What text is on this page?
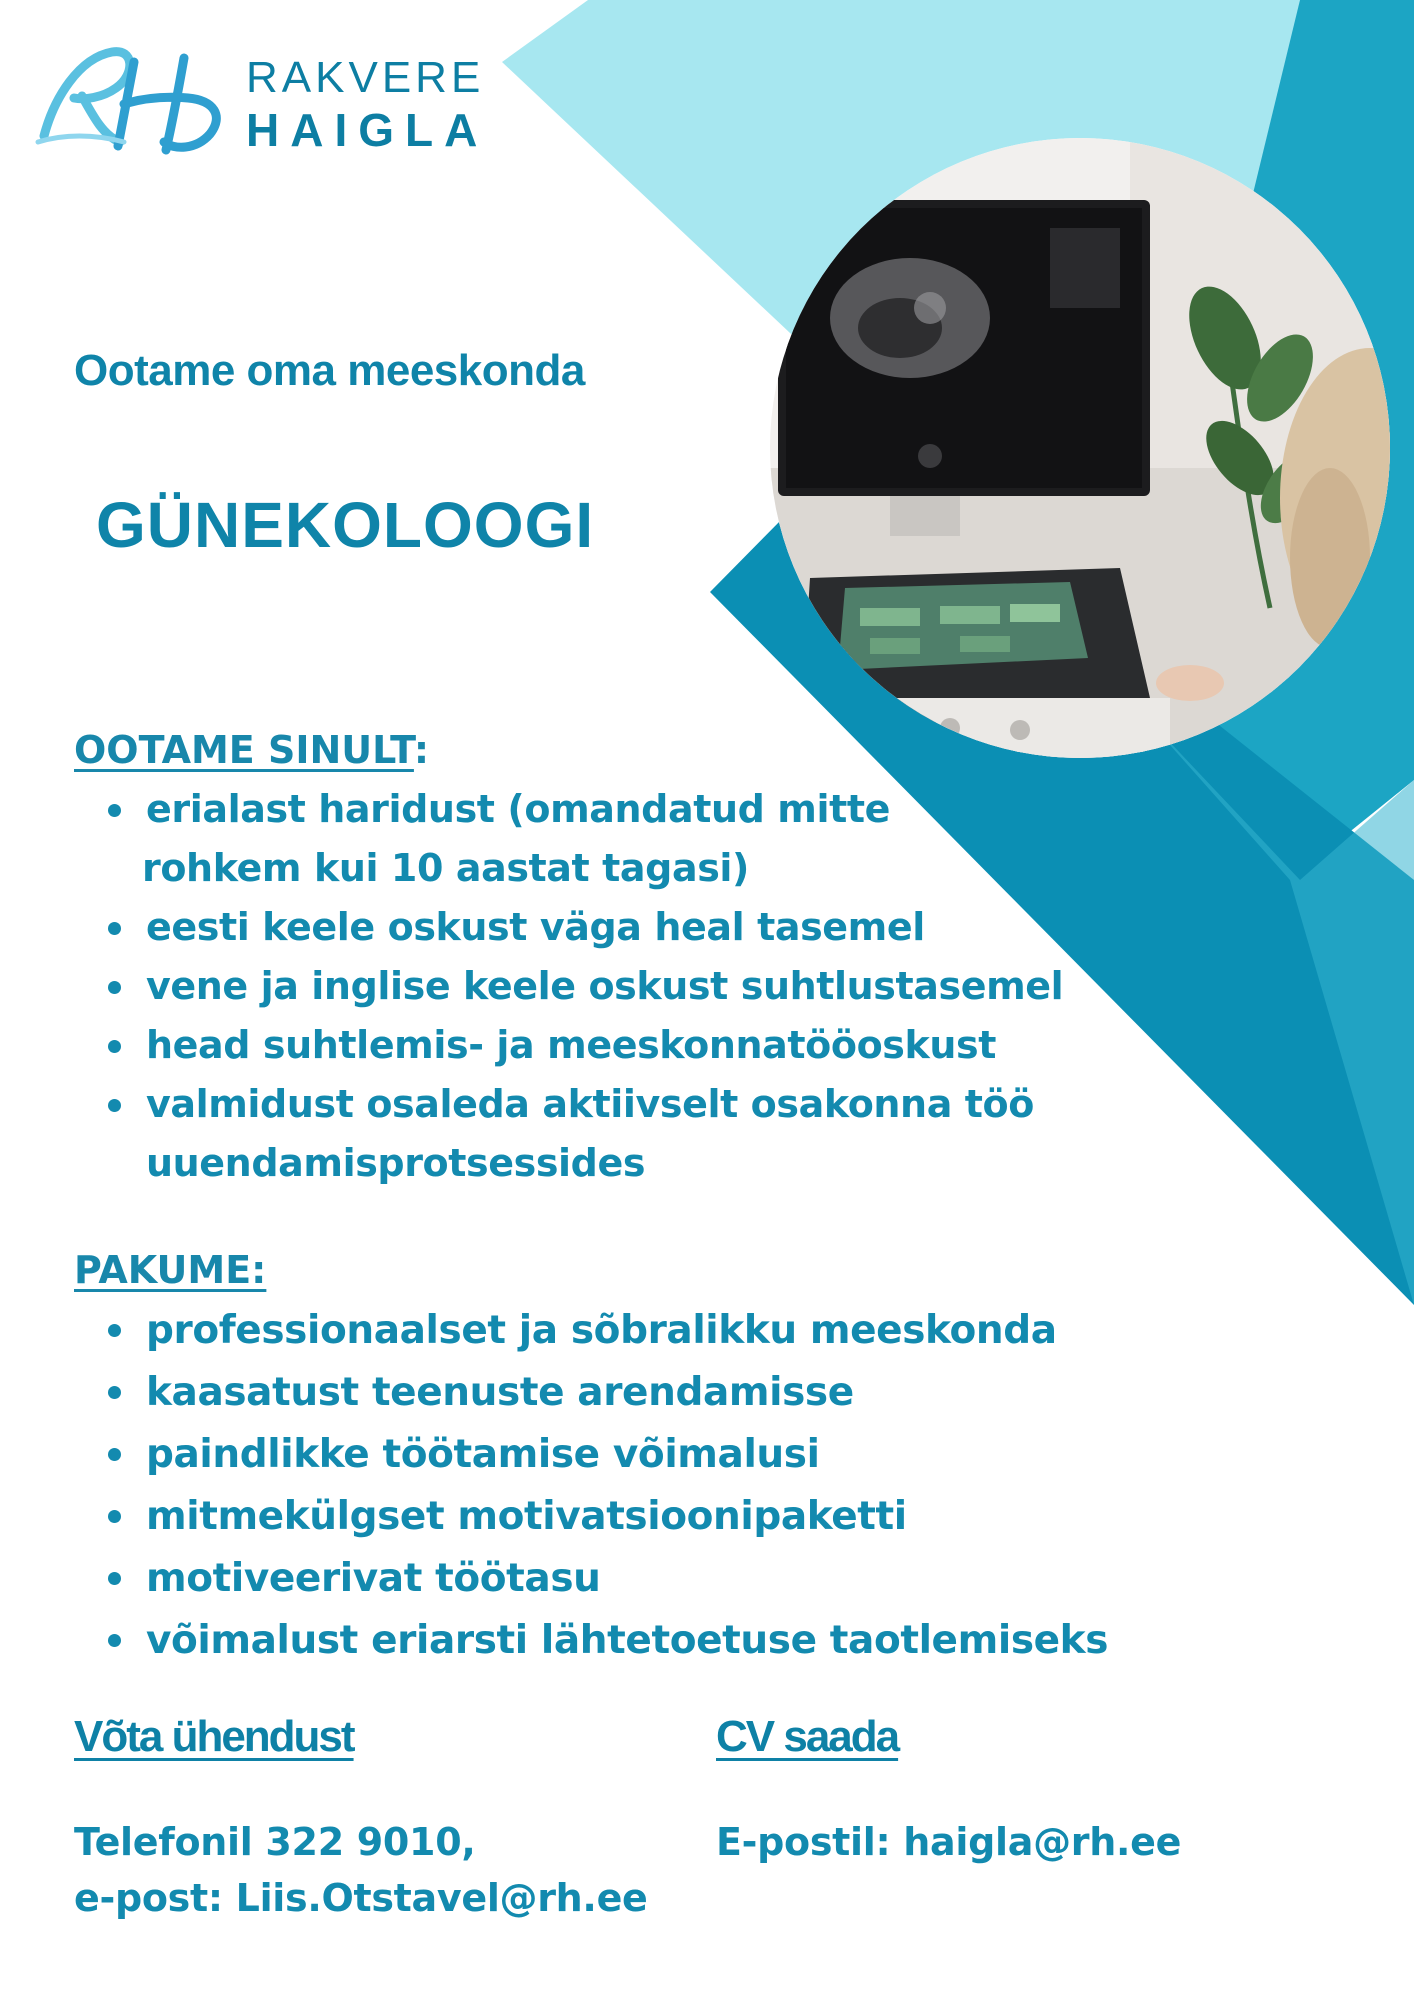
RAKVERE
HAIGLA
Ootame oma meeskonda
GÜNEKOLOOGI

OOTAME SINULT:

erialast haridust (omandatud mitte
rohkem kui 10 aastat tagasi)
eesti keele oskust väga heal tasemel
vene ja inglise keele oskust suhtlustasemel
head suhtlemis- ja meeskonnatööoskust
valmidust osaleda aktiivselt osakonna töö
uuendamisprotsessides

PAKUME:

professionaalset ja sõbralikku meeskonda
kaasatust teenuste arendamisse
paindlikke töötamise võimalusi
mitmekülgset motivatsioonipaketti
motiveerivat töötasu
võimalust eriarsti lähtetoetuse taotlemiseks
Võta ühendust

Telefonil 322 9010,
e-post: Liis.Otstavel@rh.ee

CV saada

E-postil: haigla@rh.ee
